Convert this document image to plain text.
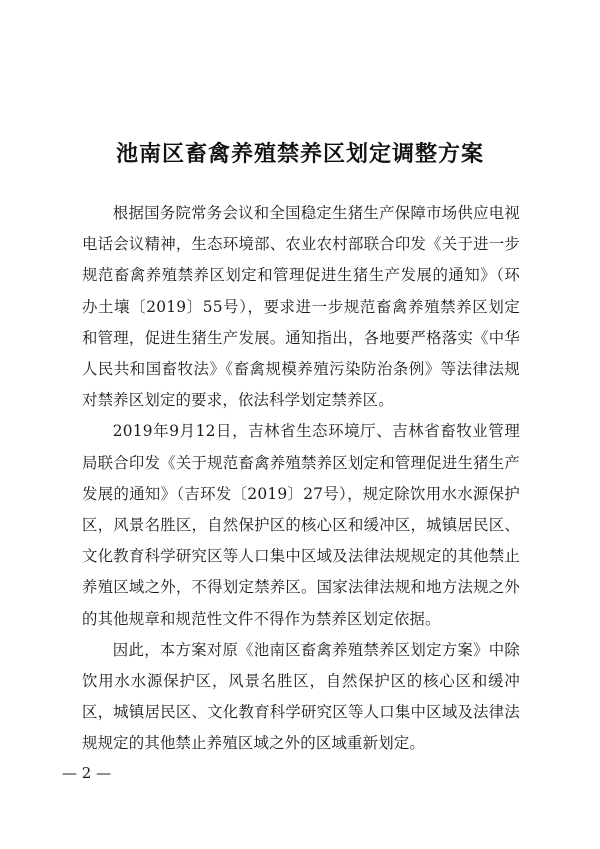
池南区畜禽养殖禁养区划定调整方案

根据国务院常务会议和全国稳定生猪生产保障市场供应电视电话会议精神，生态环境部、农业农村部联合印发《关于进一步规范畜禽养殖禁养区划定和管理促进生猪生产发展的通知》（环办土壤〔2019〕55号），要求进一步规范畜禽养殖禁养区划定和管理，促进生猪生产发展。通知指出，各地要严格落实《中华人民共和国畜牧法》《畜禽规模养殖污染防治条例》等法律法规对禁养区划定的要求，依法科学划定禁养区。

2019年9月12日，吉林省生态环境厅、吉林省畜牧业管理局联合印发《关于规范畜禽养殖禁养区划定和管理促进生猪生产发展的通知》（吉环发〔2019〕27号），规定除饮用水水源保护区，风景名胜区，自然保护区的核心区和缓冲区，城镇居民区、文化教育科学研究区等人口集中区域及法律法规规定的其他禁止养殖区域之外，不得划定禁养区。国家法律法规和地方法规之外的其他规章和规范性文件不得作为禁养区划定依据。

因此，本方案对原《池南区畜禽养殖禁养区划定方案》中除饮用水水源保护区，风景名胜区，自然保护区的核心区和缓冲区，城镇居民区、文化教育科学研究区等人口集中区域及法律法规规定的其他禁止养殖区域之外的区域重新划定。

— 2 —
